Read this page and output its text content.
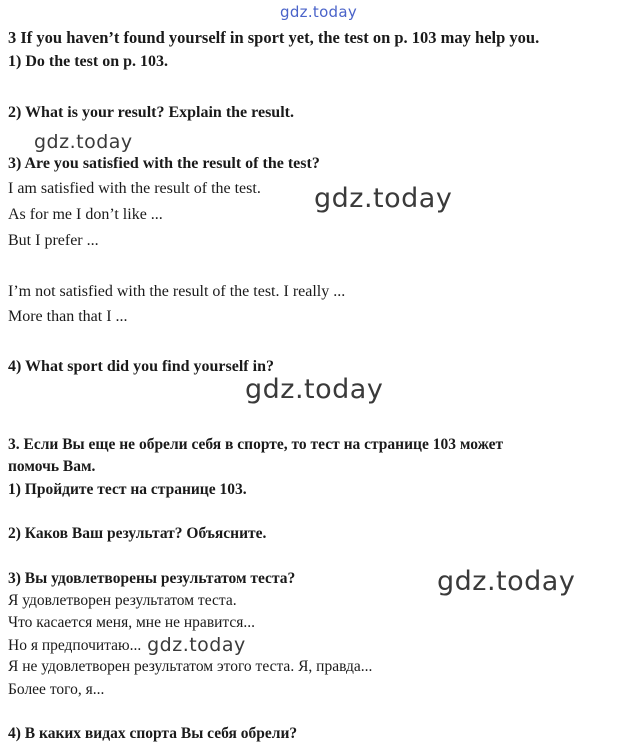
gdz.today
gdz.today
gdz.today
gdz.today
gdz.today
3 If you haven’t found yourself in sport yet, the test on p. 103 may help you.
1) Do the test on p. 103.
2) What is your result? Explain the result.
3) Are you satisfied with the result of the test?
I am satisfied with the result of the test.
As for me I don’t like ...
But I prefer ...
I’m not satisfied with the result of the test. I really ...
More than that I ...
4) What sport did you find yourself in?
3. Если Вы еще не обрели себя в спорте, то тест на странице 103 может
помочь Вам.
1) Пройдите тест на странице 103.
2) Каков Ваш результат? Объясните.
3) Вы удовлетворены результатом теста?
Я удовлетворен результатом теста.
Что касается меня, мне не нравится...
Но я предпочитаю... gdz.today
Я не удовлетворен результатом этого теста. Я, правда...
Более того, я...
4) В каких видах спорта Вы себя обрели?
